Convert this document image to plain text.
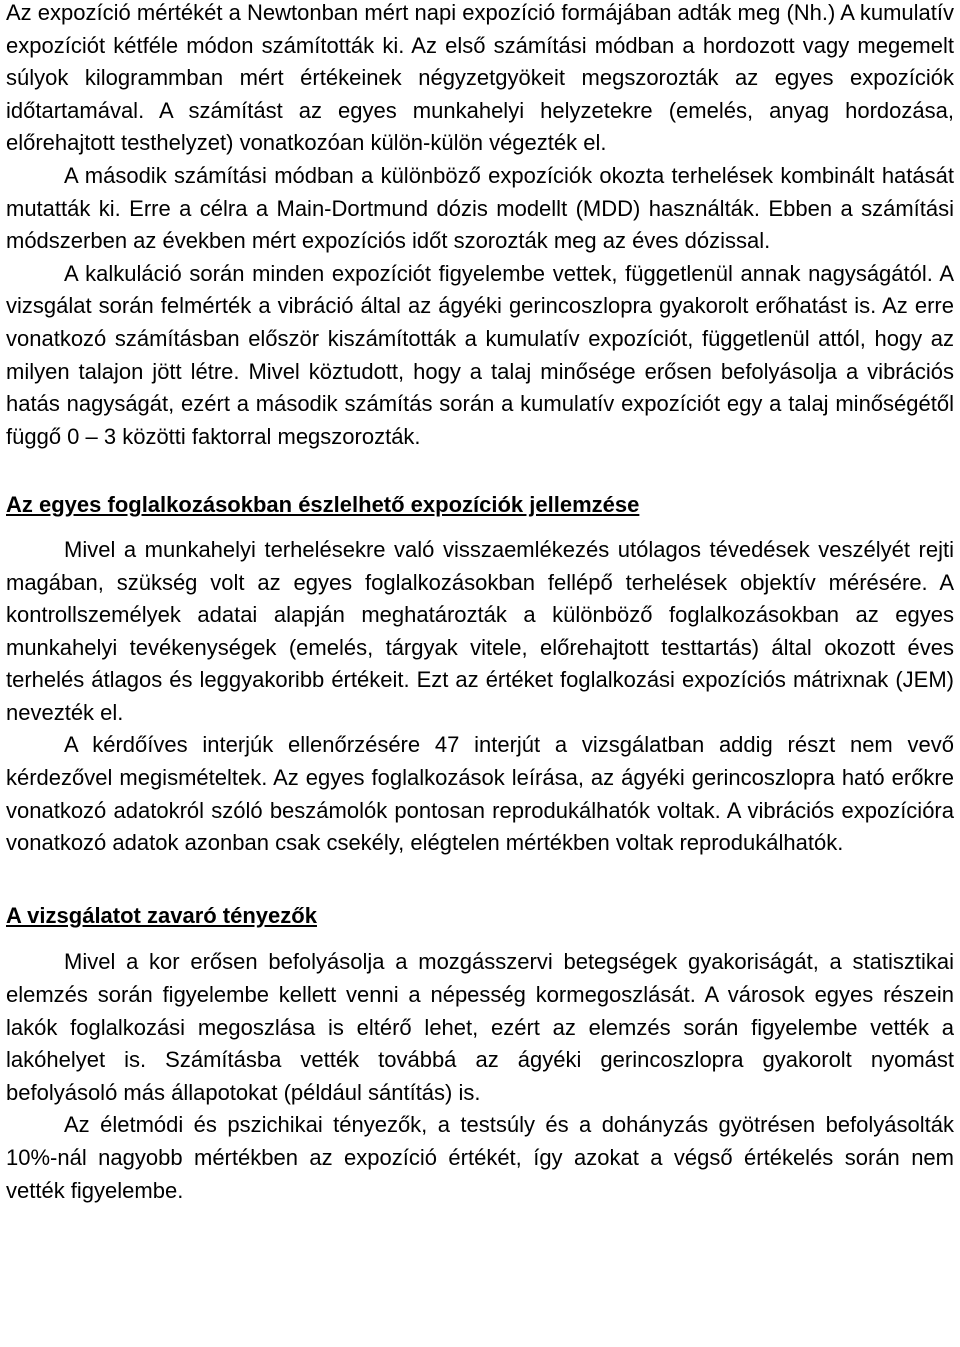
Az expozíció mértékét a Newtonban mért napi expozíció formájában adták meg (Nh.) A kumulatív expozíciót kétféle módon számították ki. Az első számítási módban a hordozott vagy megemelt súlyok kilogrammban mért értékeinek négyzetgyökeit megszorozták az egyes expozíciók időtartamával. A számítást az egyes munkahelyi helyzetekre (emelés, anyag hordozása, előrehajtott testhelyzet) vonatkozóan külön-külön végezték el.

A második számítási módban a különböző expozíciók okozta terhelések kombinált hatását mutatták ki. Erre a célra a Main-Dortmund dózis modellt (MDD) használták. Ebben a számítási módszerben az években mért expozíciós időt szorozták meg az éves dózissal.

A kalkuláció során minden expozíciót figyelembe vettek, függetlenül annak nagyságától. A vizsgálat során felmérték a vibráció által az ágyéki gerincoszlopra gyakorolt erőhatást is. Az erre vonatkozó számításban először kiszámították a kumulatív expozíciót, függetlenül attól, hogy az milyen talajon jött létre. Mivel köztudott, hogy a talaj minősége erősen befolyásolja a vibrációs hatás nagyságát, ezért a második számítás során a kumulatív expozíciót egy a talaj minőségétől függő 0 – 3 közötti faktorral megszorozták.

Az egyes foglalkozásokban észlelhető expozíciók jellemzése

Mivel a munkahelyi terhelésekre való visszaemlékezés utólagos tévedések veszélyét rejti magában, szükség volt az egyes foglalkozásokban fellépő terhelések objektív mérésére. A kontrollszemélyek adatai alapján meghatározták a különböző foglalkozásokban az egyes munkahelyi tevékenységek (emelés, tárgyak vitele, előrehajtott testtartás) által okozott éves terhelés átlagos és leggyakoribb értékeit. Ezt az értéket foglalkozási expozíciós mátrixnak (JEM) nevezték el.

A kérdőíves interjúk ellenőrzésére 47 interjút a vizsgálatban addig részt nem vevő kérdezővel megismételtek. Az egyes foglalkozások leírása, az ágyéki gerincoszlopra ható erőkre vonatkozó adatokról szóló beszámolók pontosan reprodukálhatók voltak. A vibrációs expozícióra vonatkozó adatok azonban csak csekély, elégtelen mértékben voltak reprodukálhatók.

A vizsgálatot zavaró tényezők

Mivel a kor erősen befolyásolja a mozgásszervi betegségek gyakoriságát, a statisztikai elemzés során figyelembe kellett venni a népesség kormegoszlását. A városok egyes részein lakók foglalkozási megoszlása is eltérő lehet, ezért az elemzés során figyelembe vették a lakóhelyet is. Számításba vették továbbá az ágyéki gerincoszlopra gyakorolt nyomást befolyásoló más állapotokat (például sántítás) is.

Az életmódi és pszichikai tényezők, a testsúly és a dohányzás gyötrésen befolyásolták 10%-nál nagyobb mértékben az expozíció értékét, így azokat a végső értékelés során nem vették figyelembe.
